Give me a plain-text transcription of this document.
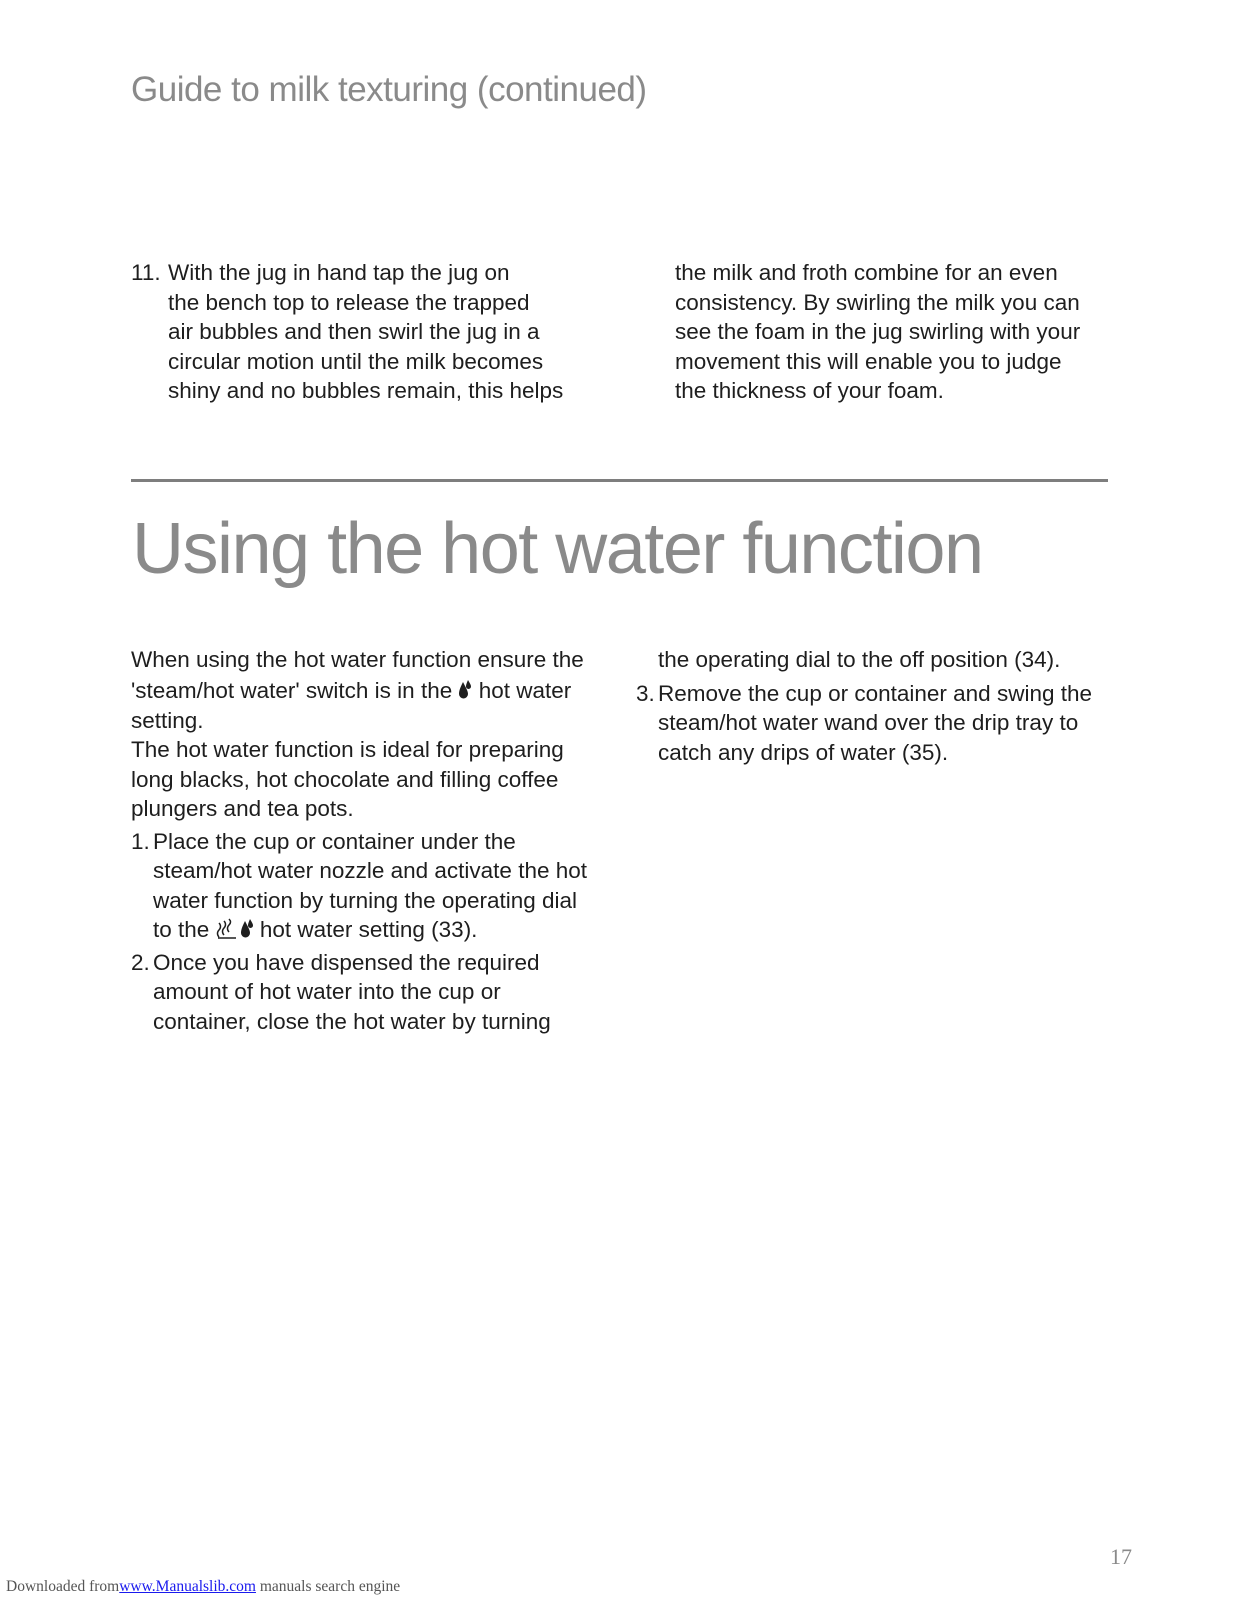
Guide to milk texturing (continued)
11. With the jug in hand tap the jug on
the bench top to release the trapped
air bubbles and then swirl the jug in a
circular motion until the milk becomes
shiny and no bubbles remain, this helps
the milk and froth combine for an even
consistency. By swirling the milk you can
see the foam in the jug swirling with your
movement this will enable you to judge
the thickness of your foam.
Using the hot water function

When using the hot water function ensure the
'steam/hot water' switch is in the hot water
setting.

The hot water function is ideal for preparing
long blacks, hot chocolate and filling coffee
plungers and tea pots.

1. Place the cup or container under the
steam/hot water nozzle and activate the hot
water function by turning the operating dial
to the hot water setting (33).
2. Once you have dispensed the required
amount of hot water into the cup or
container, close the hot water by turning
the operating dial to the off position (34).
3. Remove the cup or container and swing the
steam/hot water wand over the drip tray to
catch any drips of water (35).
17
Downloaded fromwww.Manualslib.com manuals search engine
